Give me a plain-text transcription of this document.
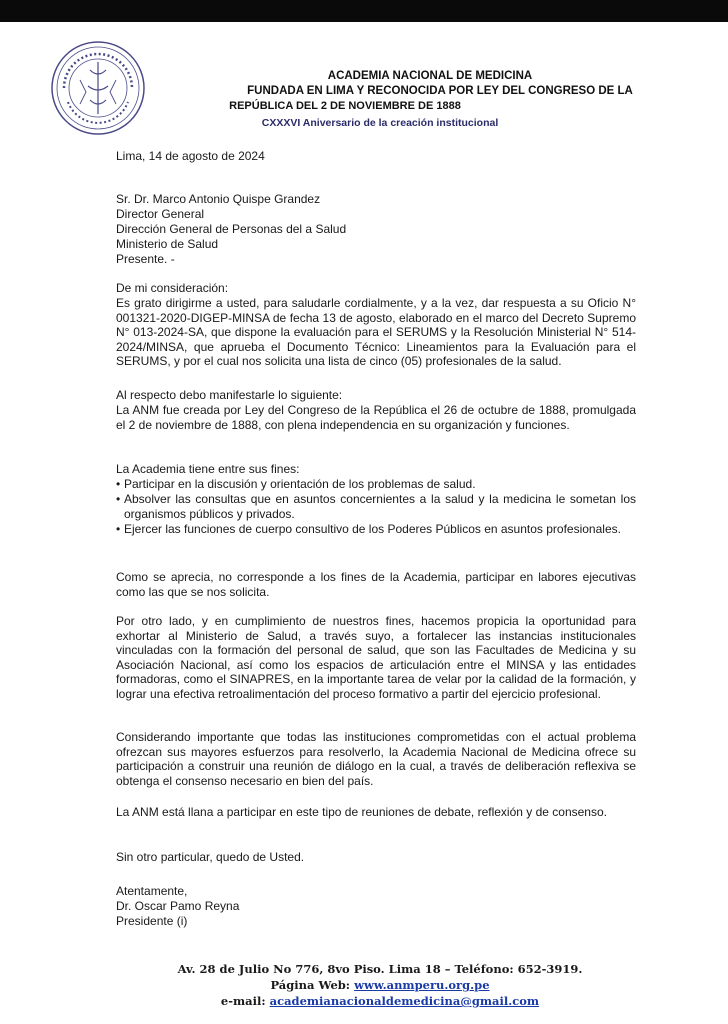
ACADEMIA NACIONAL DE MEDICINA
FUNDADA EN LIMA Y RECONOCIDA POR LEY DEL CONGRESO DE LA
REPÚBLICA DEL 2 DE NOVIEMBRE DE 1888
CXXXVI Aniversario de la creación institucional
Lima, 14 de agosto de 2024
Sr. Dr. Marco Antonio Quispe Grandez
Director General
Dirección General de Personas del a Salud
Ministerio de Salud
Presente. -
De mi consideración:
Es grato dirigirme a usted, para saludarle cordialmente, y a la vez, dar respuesta a su Oficio N° 001321-2020-DIGEP-MINSA de fecha 13 de agosto, elaborado en el marco del Decreto Supremo N° 013-2024-SA, que dispone la evaluación para el SERUMS y la Resolución Ministerial N° 514-2024/MINSA, que aprueba el Documento Técnico: Lineamientos para la Evaluación para el SERUMS, y por el cual nos solicita una lista de cinco (05) profesionales de la salud.
Al respecto debo manifestarle lo siguiente:
La ANM fue creada por Ley del Congreso de la República el 26 de octubre de 1888, promulgada el 2 de noviembre de 1888, con plena independencia en su organización y funciones.
La Academia tiene entre sus fines:
• Participar en la discusión y orientación de los problemas de salud.
• Absolver las consultas que en asuntos concernientes a la salud y la medicina le sometan los organismos públicos y privados.
• Ejercer las funciones de cuerpo consultivo de los Poderes Públicos en asuntos profesionales.
Como se aprecia, no corresponde a los fines de la Academia, participar en labores ejecutivas como las que se nos solicita.
Por otro lado, y en cumplimiento de nuestros fines, hacemos propicia la oportunidad para exhortar al Ministerio de Salud, a través suyo, a fortalecer las instancias institucionales vinculadas con la formación del personal de salud, que son las Facultades de Medicina y su Asociación Nacional, así como los espacios de articulación entre el MINSA y las entidades formadoras, como el SINAPRES, en la importante tarea de velar por la calidad de la formación, y lograr una efectiva retroalimentación del proceso formativo a partir del ejercicio profesional.
Considerando importante que todas las instituciones comprometidas con el actual problema ofrezcan sus mayores esfuerzos para resolverlo, la Academia Nacional de Medicina ofrece su participación a construir una reunión de diálogo en la cual, a través de deliberación reflexiva se obtenga el consenso necesario en bien del país.
La ANM está llana a participar en este tipo de reuniones de debate, reflexión y de consenso.
Sin otro particular, quedo de Usted.
Atentamente,
Dr. Oscar Pamo Reyna
Presidente (i)
Av. 28 de Julio No 776, 8vo Piso. Lima 18 – Teléfono: 652-3919.
Página Web: www.anmperu.org.pe
e-mail: academianacionaldemedicina@gmail.com
